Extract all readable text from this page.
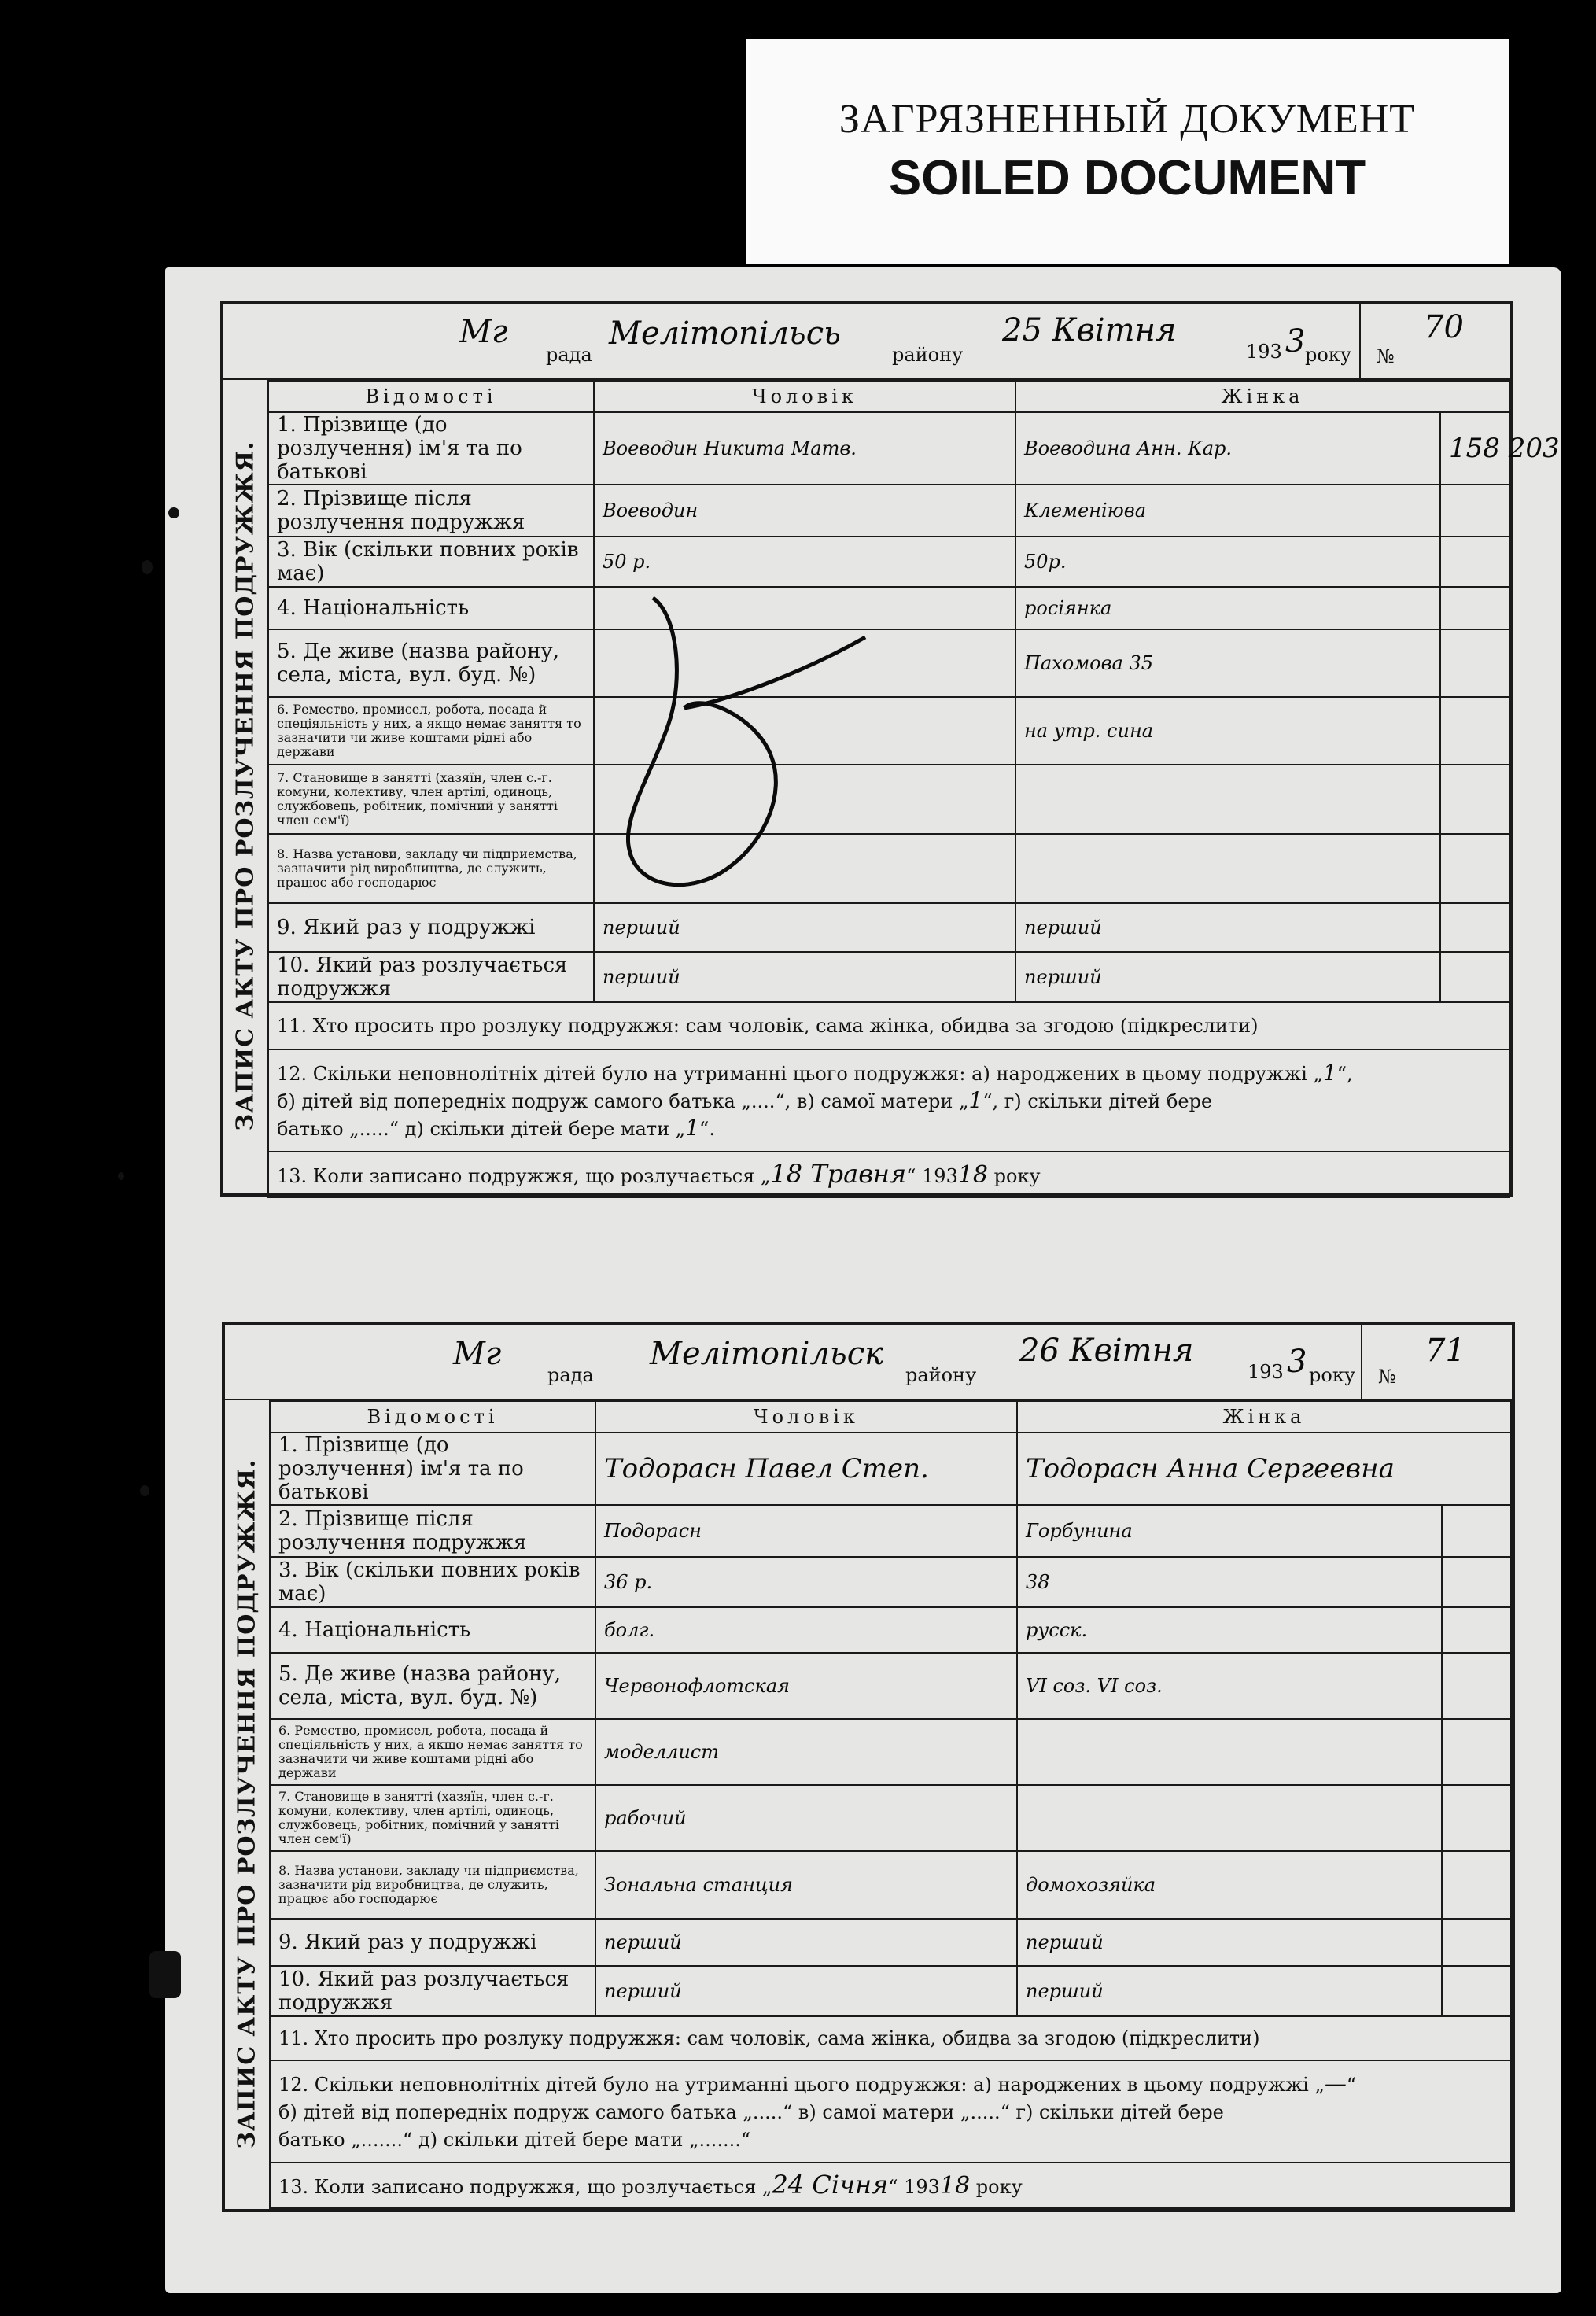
ЗАГРЯЗНЕННЫЙ ДОКУМЕНТ
SOILED DOCUMENT
Мг
рада
Мелітопільсь
району
25 Квітня
193 3 року №
70
ЗАПИС АКТУ ПРО РОЗЛУЧЕННЯ ПОДРУЖЖЯ.
Відомості	Чоловік	Жінка	
1. Прізвище (до розлучення) ім'я та по батькові	Воеводин Никита Матв.	Воеводина Анн. Кар.	158 203
2. Прізвище після розлучення подружжя	Воеводин	Клеменіюва	
3. Вік (скільки повних років має)	50 р.	50р.	
4. Національність		росіянка	
5. Де живе (назва району, села, міста, вул. буд. №)		Пахомова 35	
6. Ремество, промисел, робота, посада й спеціяльність у них, а якщо немає заняття то зазначити чи живе коштами рідні або держави		на утр. сина	
7. Становище в занятті (хазяїн, член с.-г. комуни, колективу, член артілі, одиноць, службовець, робітник, помічний у занятті член сем'ї)			
8. Назва установи, закладу чи підприємства, зазначити рід виробництва, де служить, працює або господарює			
9. Який раз у подружжі	перший	перший	
10. Який раз розлучається подружжя	перший	перший	
11. Хто просить про розлуку подружжя: сам чоловік, сама жінка, обидва за згодою (підкреслити)			
12. Скільки неповнолітніх дітей було на утриманні цього подружжя: а) народжених в цьому подружжі „1“,
б) дітей від попередніх подруж самого батька „....“, в) самої матери „1“, г) скільки дітей бере
батько „.....“ д) скільки дітей бере мати „1“.			
13. Коли записано подружжя, що розлучається „18 Травня“ 19318 року			
Мг
рада
Мелітопільск
району
26 Квітня
193 3 року №
71
ЗАПИС АКТУ ПРО РОЗЛУЧЕННЯ ПОДРУЖЖЯ.
Відомості	Чоловік	Жінка	
1. Прізвище (до розлучення) ім'я та по батькові	Тодорасн Павел Степ.	Тодорасн Анна Сергеевна	
2. Прізвище після розлучення подружжя	Подорасн	Горбунина	
3. Вік (скільки повних років має)	36 р.	38	
4. Національність	болг.	русск.	
5. Де живе (назва району, села, міста, вул. буд. №)	Червонофлотская	VI соз. VI соз.	
6. Ремество, промисел, робота, посада й спеціяльність у них, а якщо немає заняття то зазначити чи живе коштами рідні або держави	моделлист		
7. Становище в занятті (хазяїн, член с.-г. комуни, колективу, член артілі, одиноць, службовець, робітник, помічний у занятті член сем'ї)	рабочий		
8. Назва установи, закладу чи підприємства, зазначити рід виробництва, де служить, працює або господарює	Зональна станция	домохозяйка	
9. Який раз у подружжі	перший	перший	
10. Який раз розлучається подружжя	перший	перший	
11. Хто просить про розлуку подружжя: сам чоловік, сама жінка, обидва за згодою (підкреслити)			
12. Скільки неповнолітніх дітей було на утриманні цього подружжя: а) народжених в цьому подружжі „—“
б) дітей від попередніх подруж самого батька „.....“ в) самої матери „.....“ г) скільки дітей бере
батько „.......“ д) скільки дітей бере мати „.......“			
13. Коли записано подружжя, що розлучається „24 Січня“ 19318 року			
